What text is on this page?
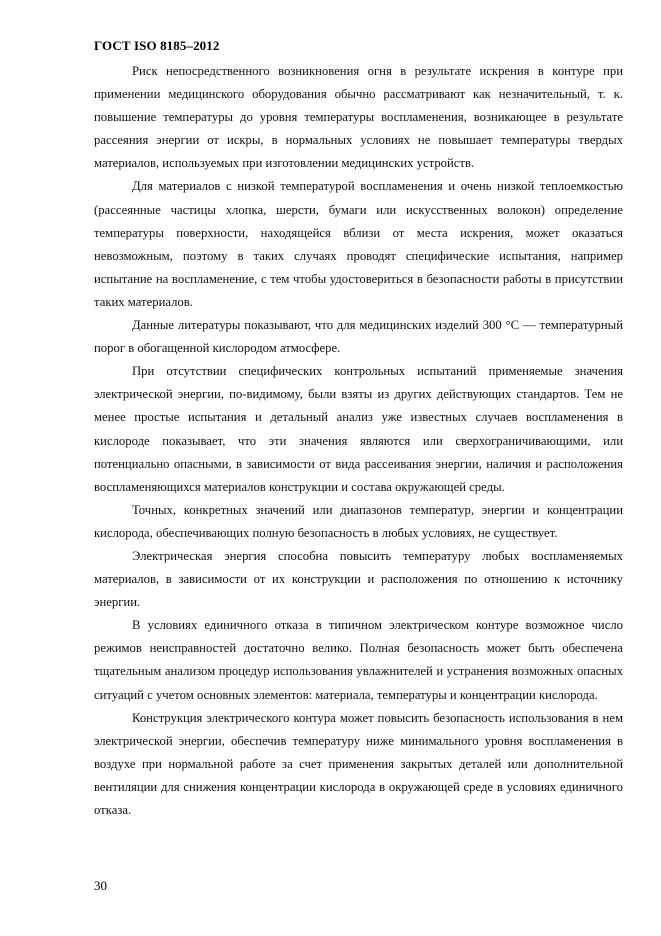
ГОСТ ISO 8185–2012

Риск непосредственного возникновения огня в результате искрения в контуре при применении медицинского оборудования обычно рассматривают как незначительный, т. к. повышение температуры до уровня температуры воспламенения, возникающее в результате рассеяния энергии от искры, в нормальных условиях не повышает температуры твердых материалов, используемых при изготовлении медицинских устройств.

Для материалов с низкой температурой воспламенения и очень низкой теплоемкостью (рассеянные частицы хлопка, шерсти, бумаги или искусственных волокон) определение температуры поверхности, находящейся вблизи от места искрения, может оказаться невозможным, поэтому в таких случаях проводят специфические испытания, например испытание на воспламенение, с тем чтобы удостовериться в безопасности работы в присутствии таких материалов.

Данные литературы показывают, что для медицинских изделий 300 °C — температурный порог в обогащенной кислородом атмосфере.

При отсутствии специфических контрольных испытаний применяемые значения электрической энергии, по-видимому, были взяты из других действующих стандартов. Тем не менее простые испытания и детальный анализ уже известных случаев воспламенения в кислороде показывает, что эти значения являются или сверхограничивающими, или потенциально опасными, в зависимости от вида рассеивания энергии, наличия и расположения воспламеняющихся материалов конструкции и состава окружающей среды.

Точных, конкретных значений или диапазонов температур, энергии и концентрации кислорода, обеспечивающих полную безопасность в любых условиях, не существует.

Электрическая энергия способна повысить температуру любых воспламеняемых материалов, в зависимости от их конструкции и расположения по отношению к источнику энергии.

В условиях единичного отказа в типичном электрическом контуре возможное число режимов неисправностей достаточно велико. Полная безопасность может быть обеспечена тщательным анализом процедур использования увлажнителей и устранения возможных опасных ситуаций с учетом основных элементов: материала, температуры и концентрации кислорода.

Конструкция электрического контура может повысить безопасность использования в нем электрической энергии, обеспечив температуру ниже минимального уровня воспламенения в воздухе при нормальной работе за счет применения закрытых деталей или дополнительной вентиляции для снижения концентрации кислорода в окружающей среде в условиях единичного отказа.

30
